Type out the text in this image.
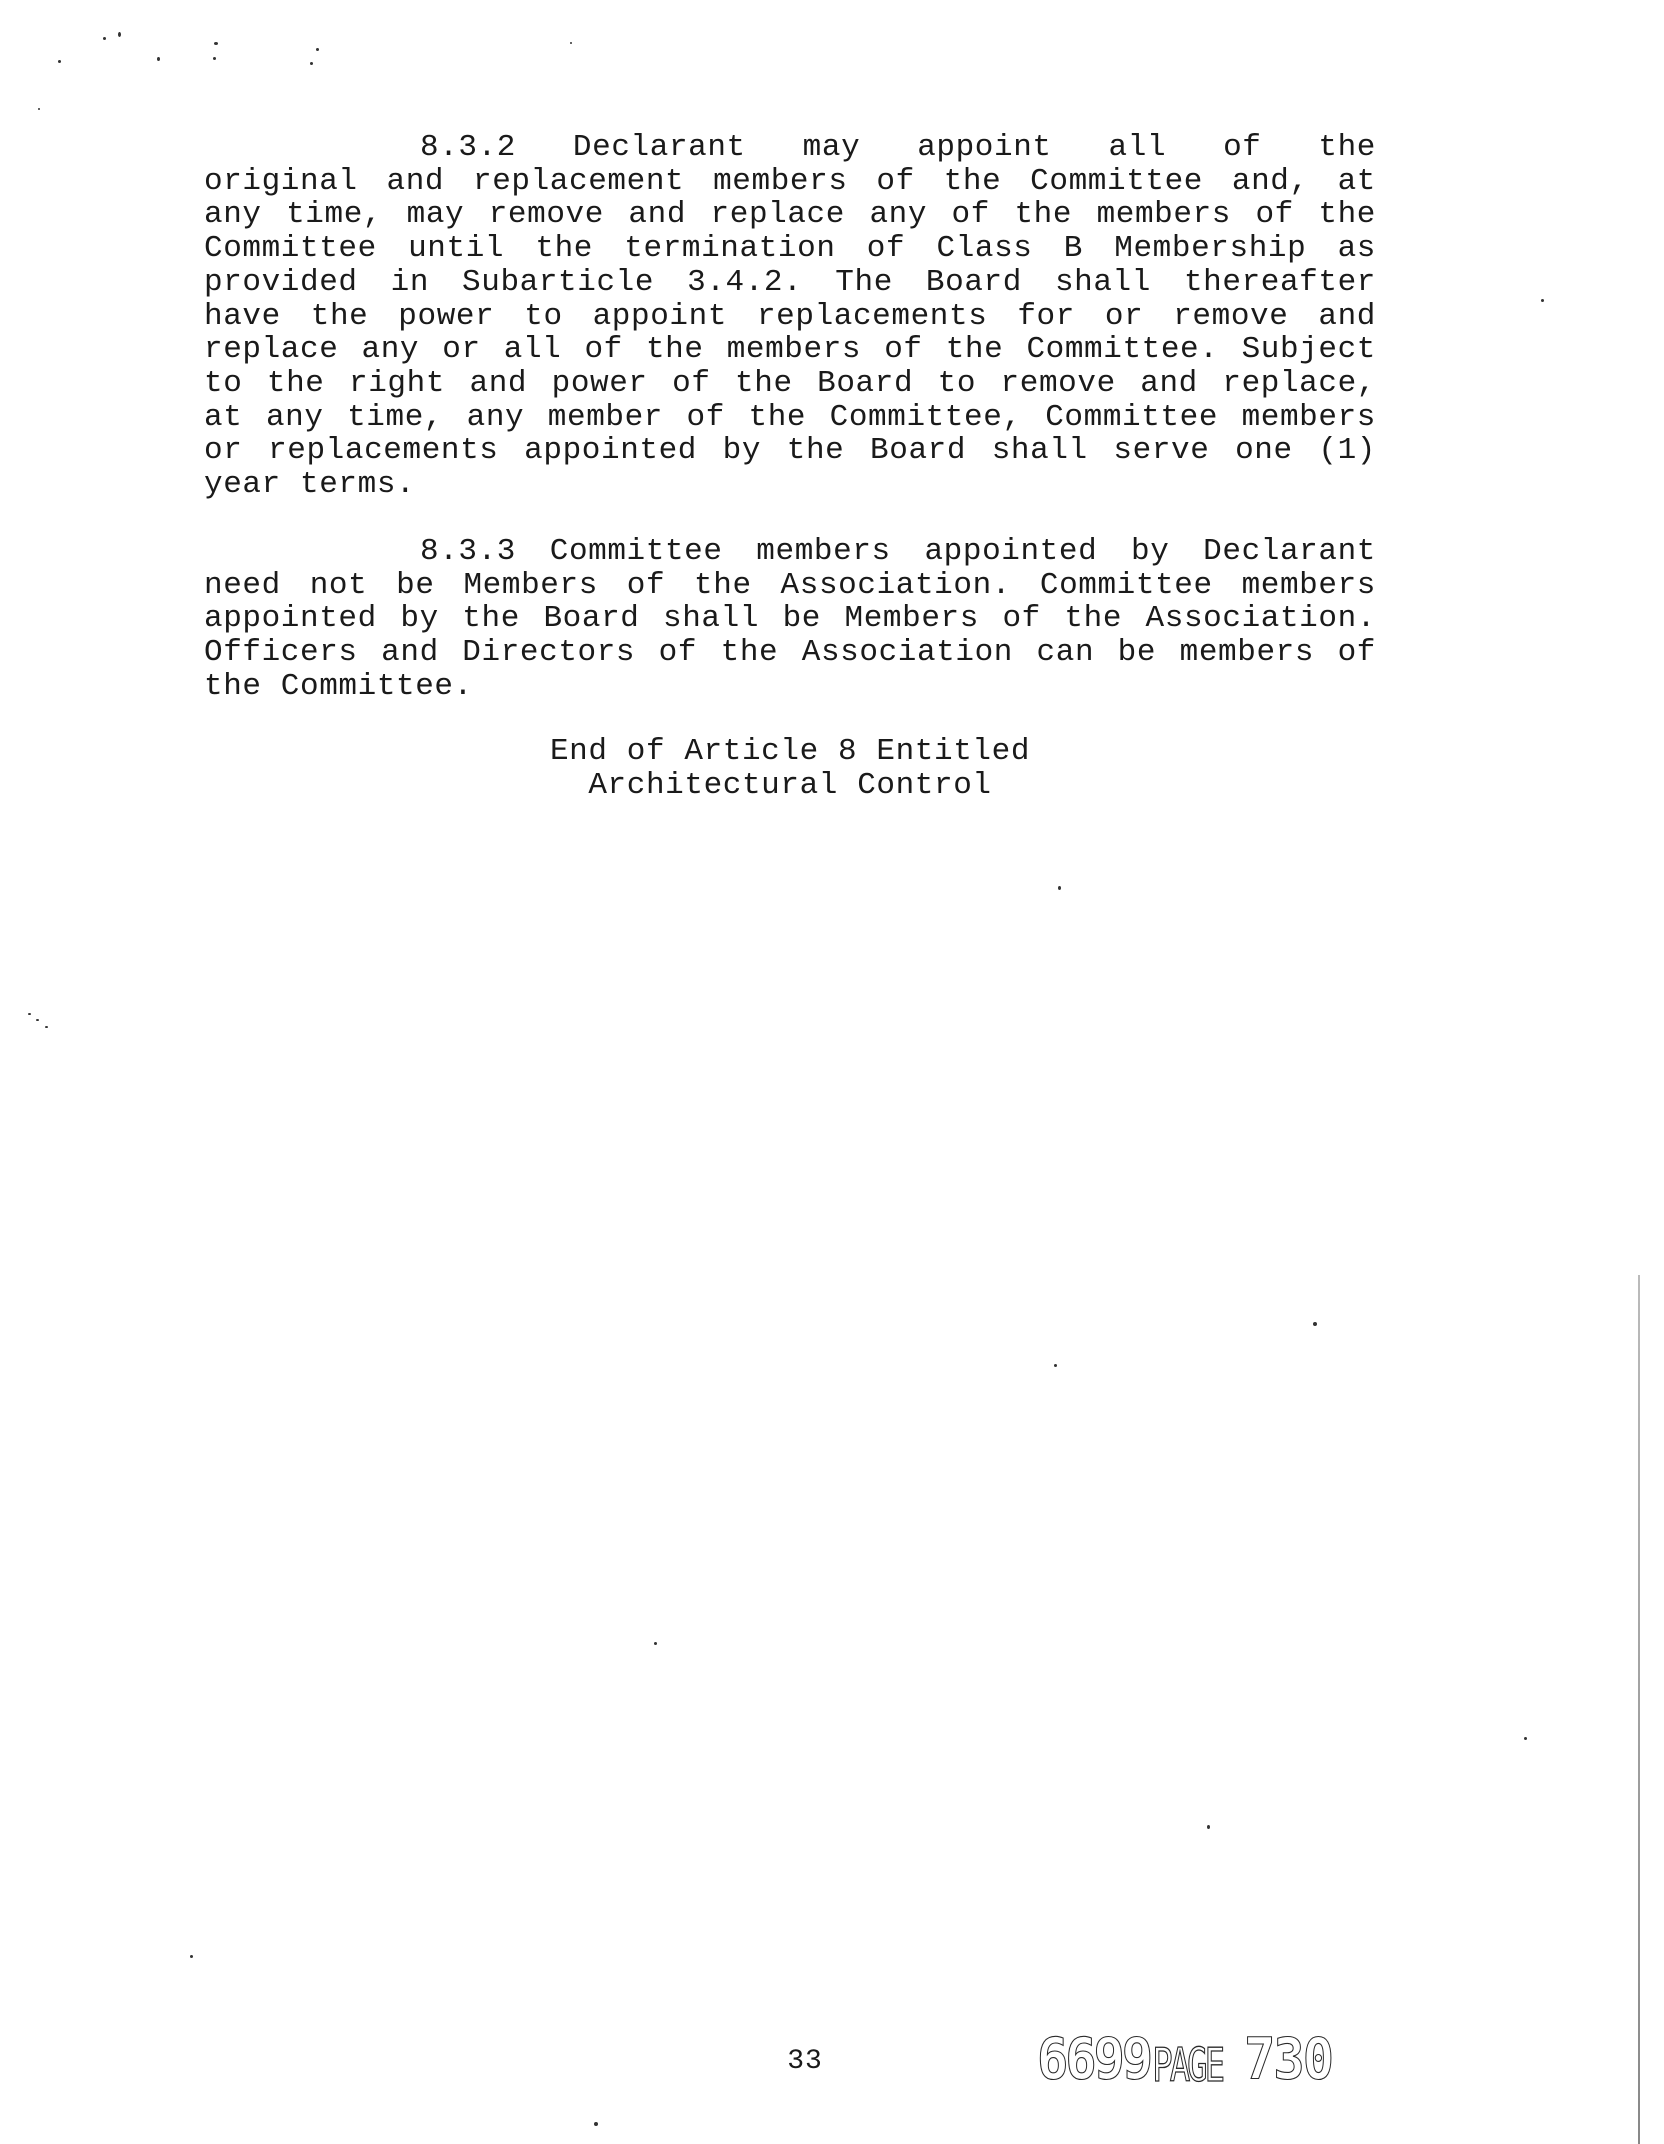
8.3.2 Declarant may appoint all of the
original and replacement members of the Committee and, at
any time, may remove and replace any of the members of the
Committee until the termination of Class B Membership as
provided in Subarticle 3.4.2. The Board shall thereafter
have the power to appoint replacements for or remove and
replace any or all of the members of the Committee. Subject
to the right and power of the Board to remove and replace,
at any time, any member of the Committee, Committee members
or replacements appointed by the Board shall serve one (1)
year terms.
8.3.3 Committee members appointed by Declarant
need not be Members of the Association. Committee members
appointed by the Board shall be Members of the Association.
Officers and Directors of the Association can be members of
the Committee.
End of Article 8 Entitled
Architectural Control
33	6699PAGE 730
